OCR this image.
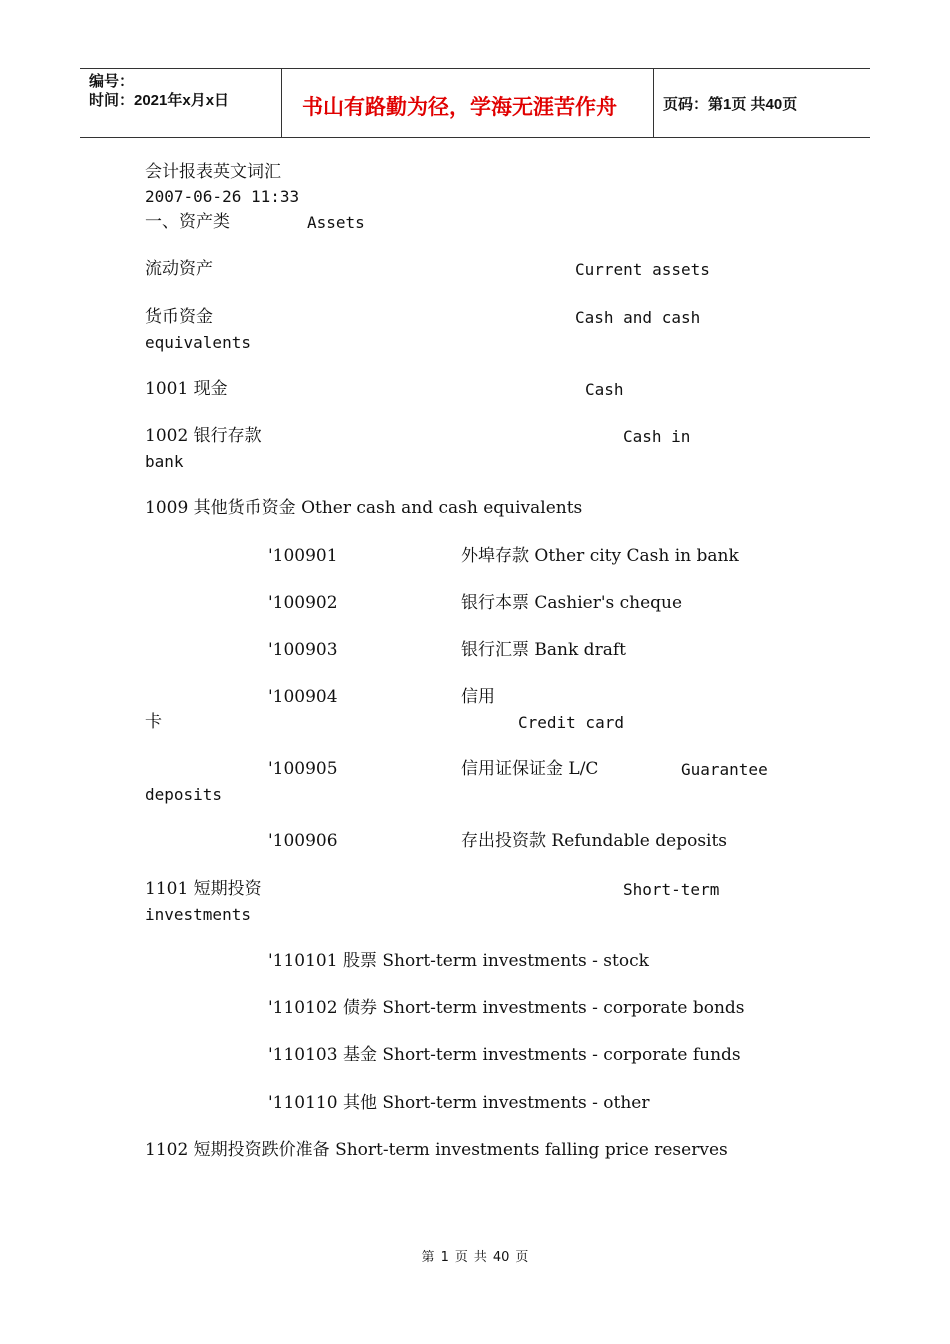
编号：
时间：2021年x月x日	书山有路勤为径，学海无涯苦作舟	页码：第1页 共40页
会计报表英文词汇
2007-06-26 11:33
一、资产类	Assets
流动资产	Current assets
货币资金	Cash and cash
equivalents
1001 现金	Cash
1002 银行存款	Cash in
bank
1009 其他货币资金 Other cash and cash equivalents
'100901	外埠存款 Other city Cash in bank
'100902	银行本票 Cashier's cheque
'100903	银行汇票 Bank draft
'100904	信用
卡	Credit card
'100905	信用证保证金 L/C	Guarantee
deposits
'100906	存出投资款 Refundable deposits
1101 短期投资	Short-term
investments
'110101 股票 Short-term investments - stock
'110102 债券 Short-term investments - corporate bonds
'110103 基金 Short-term investments - corporate funds
'110110 其他 Short-term investments - other
1102 短期投资跌价准备 Short-term investments falling price reserves
第 1 页 共 40 页
